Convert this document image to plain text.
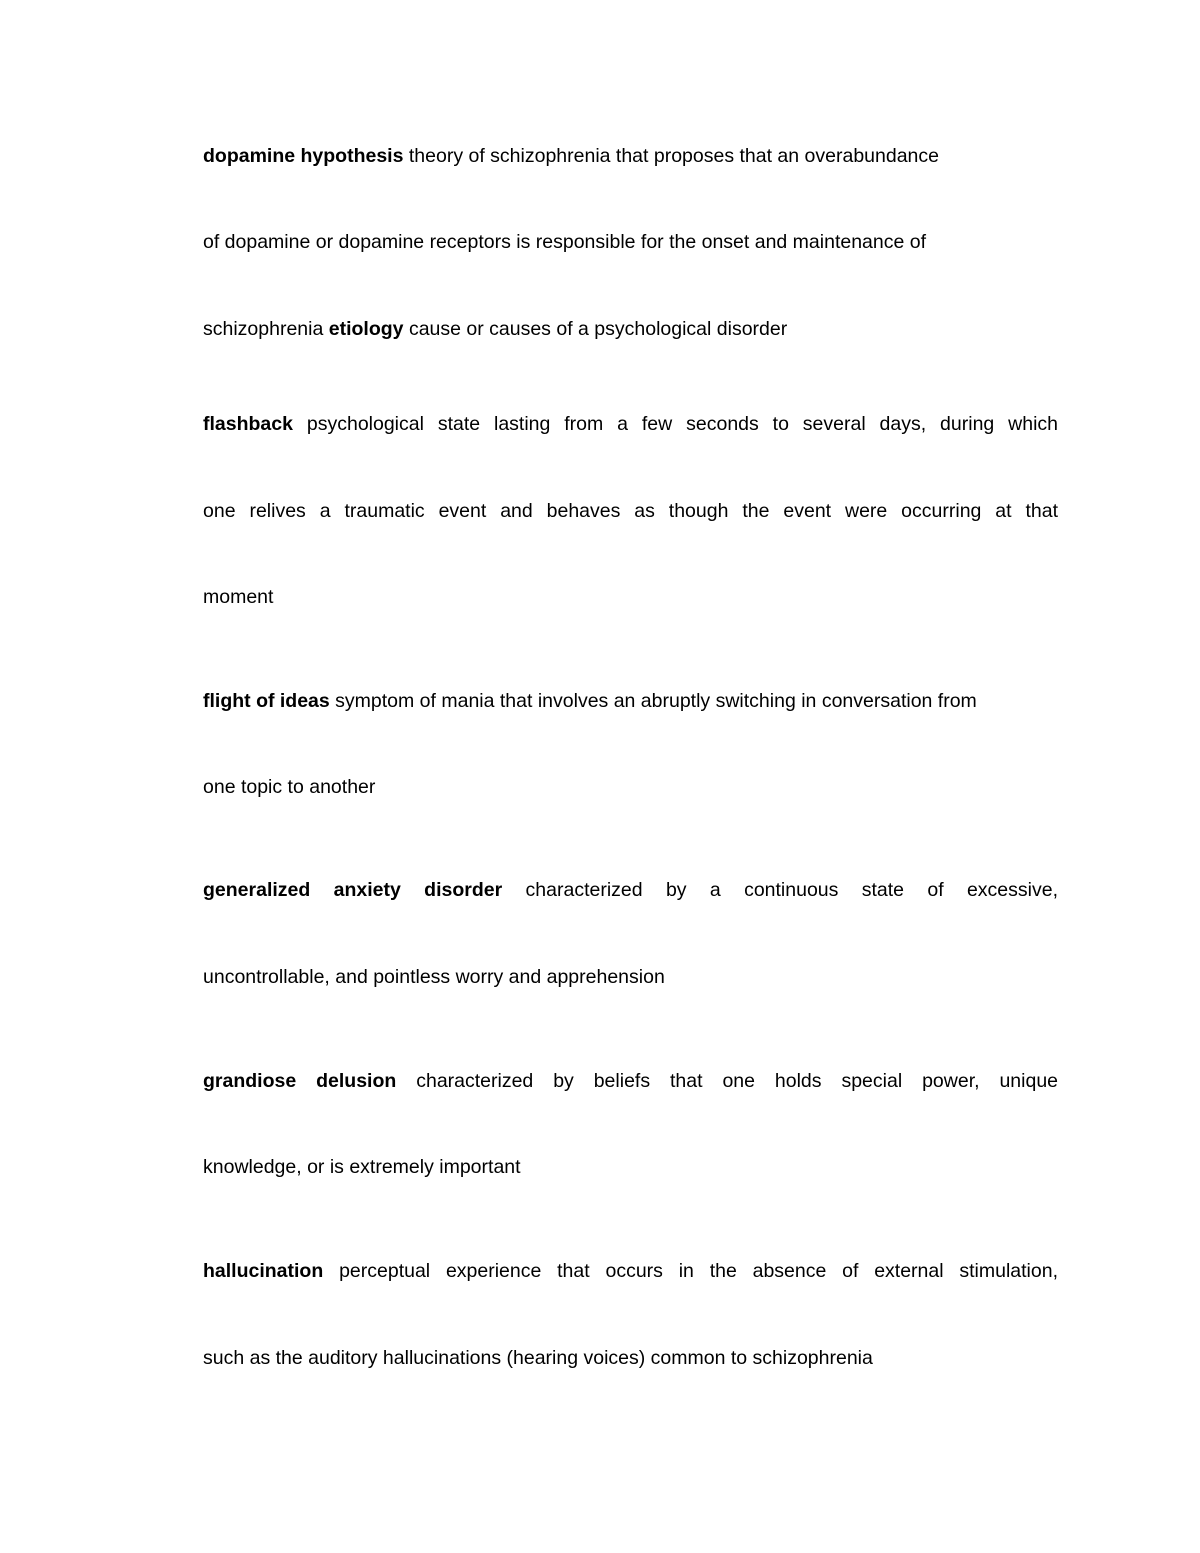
dopamine hypothesis theory of schizophrenia that proposes that an overabundance
of dopamine or dopamine receptors is responsible for the onset and maintenance of
schizophrenia etiology cause or causes of a psychological disorder
flashback psychological state lasting from a few seconds to several days, during which
one relives a traumatic event and behaves as though the event were occurring at that
moment
flight of ideas symptom of mania that involves an abruptly switching in conversation from
one topic to another
generalized anxiety disorder characterized by a continuous state of excessive,
uncontrollable, and pointless worry and apprehension
grandiose delusion characterized by beliefs that one holds special power, unique
knowledge, or is extremely important
hallucination perceptual experience that occurs in the absence of external stimulation,
such as the auditory hallucinations (hearing voices) common to schizophrenia
